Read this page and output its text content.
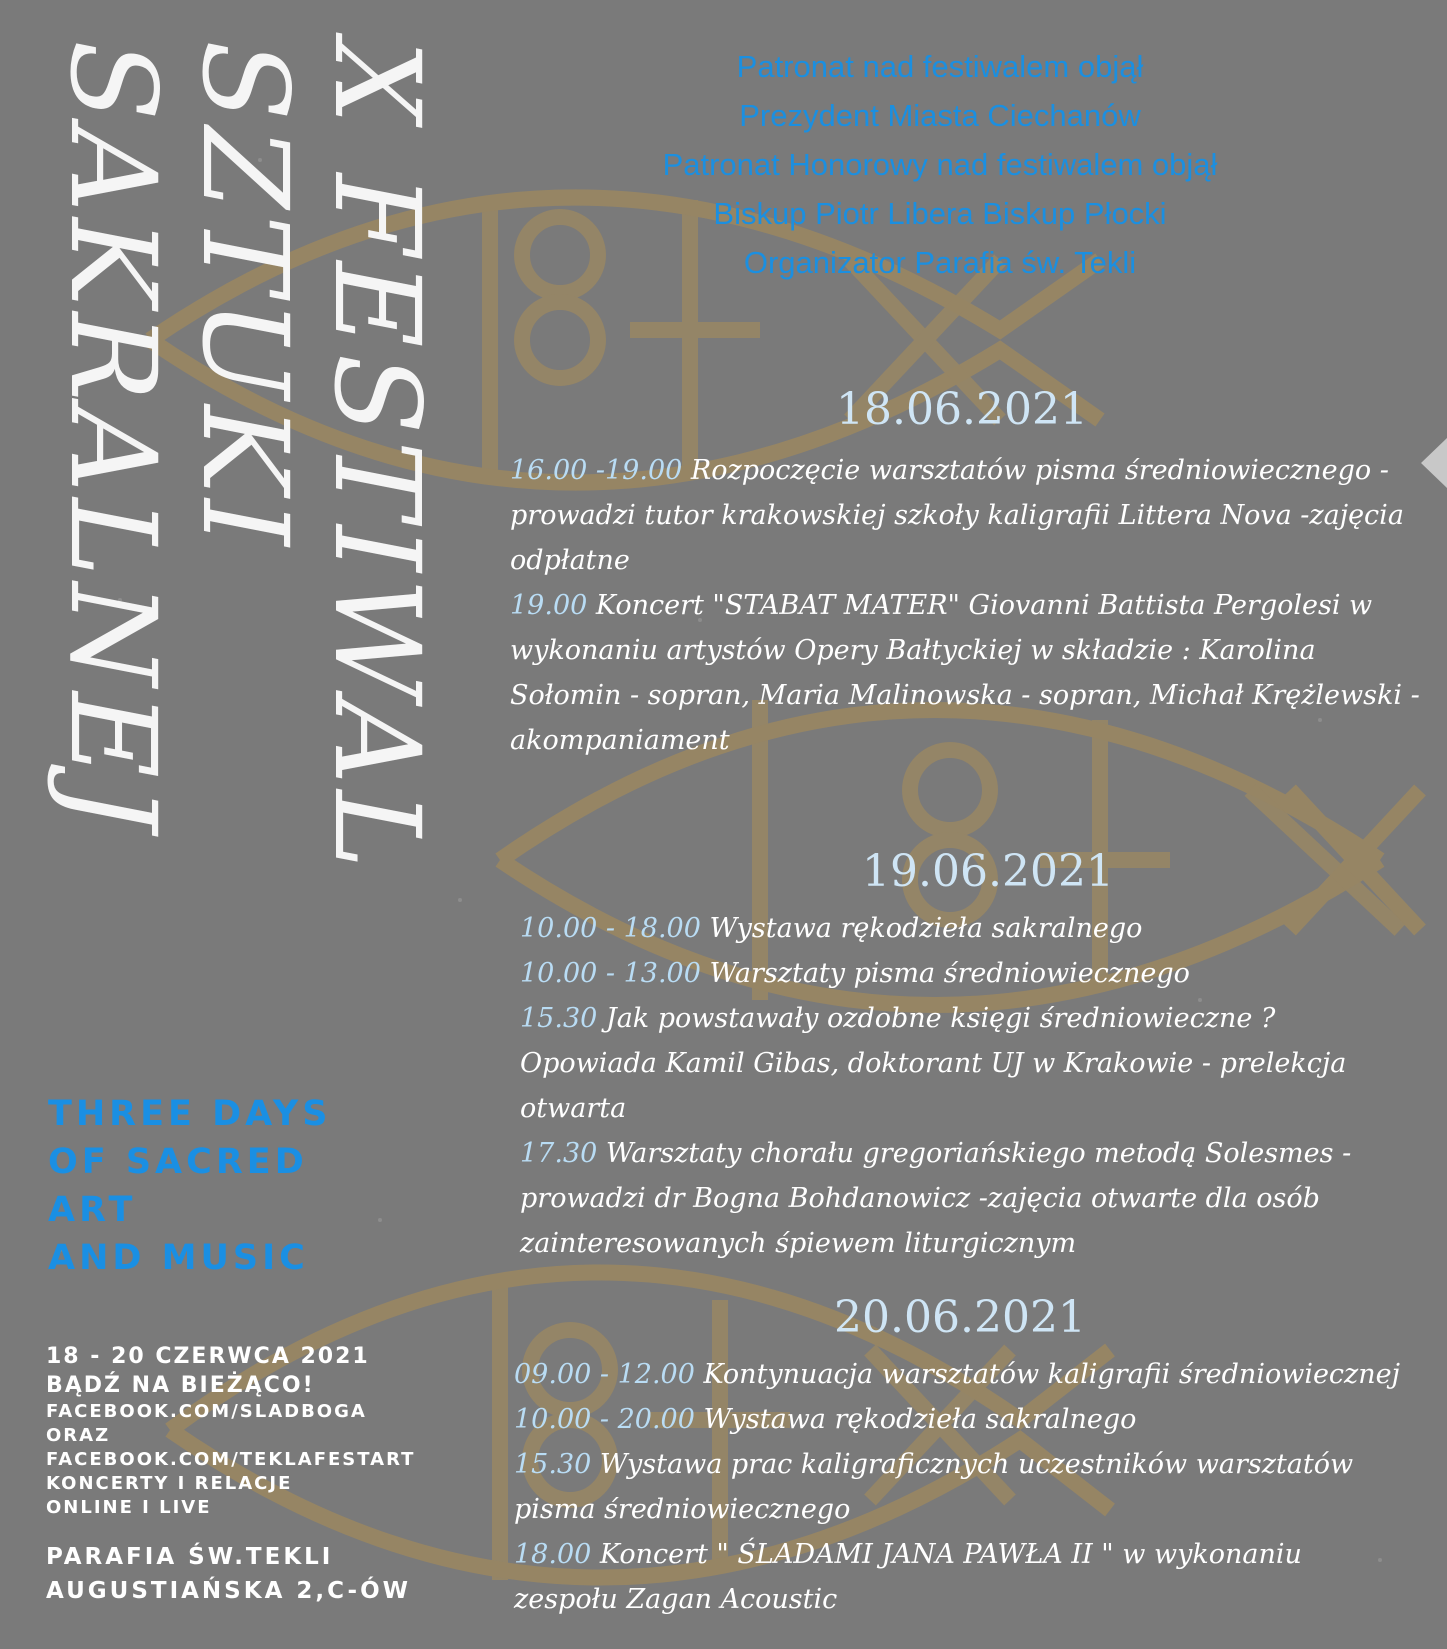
X FESTIWAL
SZTUKI
SAKRALNEJ	Patronat nad festiwalem objął
Prezydent Miasta Ciechanów
Patronat Honorowy nad festiwalem objął
Biskup Piotr Libera Biskup Płocki
Organizator Parafia św. Tekli
18.06.2021

16.00 -19.00 Rozpoczęcie warsztatów pisma średniowiecznego - prowadzi tutor krakowskiej szkoły kaligrafii Littera Nova -zajęcia odpłatne

19.00 Koncert "STABAT MATER" Giovanni Battista Pergolesi w wykonaniu artystów Opery Bałtyckiej w składzie : Karolina Sołomin - sopran, Maria Malinowska - sopran, Michał Krężlewski - akompaniament

19.06.2021

10.00 - 18.00 Wystawa rękodzieła sakralnego

10.00 - 13.00 Warsztaty pisma średniowiecznego

15.30 Jak powstawały ozdobne księgi średniowieczne ? Opowiada Kamil Gibas, doktorant UJ w Krakowie - prelekcja otwarta

17.30 Warsztaty chorału gregoriańskiego metodą Solesmes - prowadzi dr Bogna Bohdanowicz -zajęcia otwarte dla osób zainteresowanych śpiewem liturgicznym

20.06.2021

09.00 - 12.00 Kontynuacja warsztatów kaligrafii średniowiecznej

10.00 - 20.00 Wystawa rękodzieła sakralnego

15.30 Wystawa prac kaligraficznych uczestników warsztatów pisma średniowiecznego

18.00 Koncert " ŚLADAMI JANA PAWŁA II " w wykonaniu zespołu Zagan Acoustic

THREE DAYS
OF SACRED
ART
AND MUSIC
18 - 20 CZERWCA 2021
BĄDŹ NA BIEŻĄCO!
FACEBOOK.COM/SLADBOGA
ORAZ
FACEBOOK.COM/TEKLAFESTART
KONCERTY I RELACJE
ONLINE I LIVE
PARAFIA ŚW.TEKLI
AUGUSTIAŃSKA 2,C-ÓW
